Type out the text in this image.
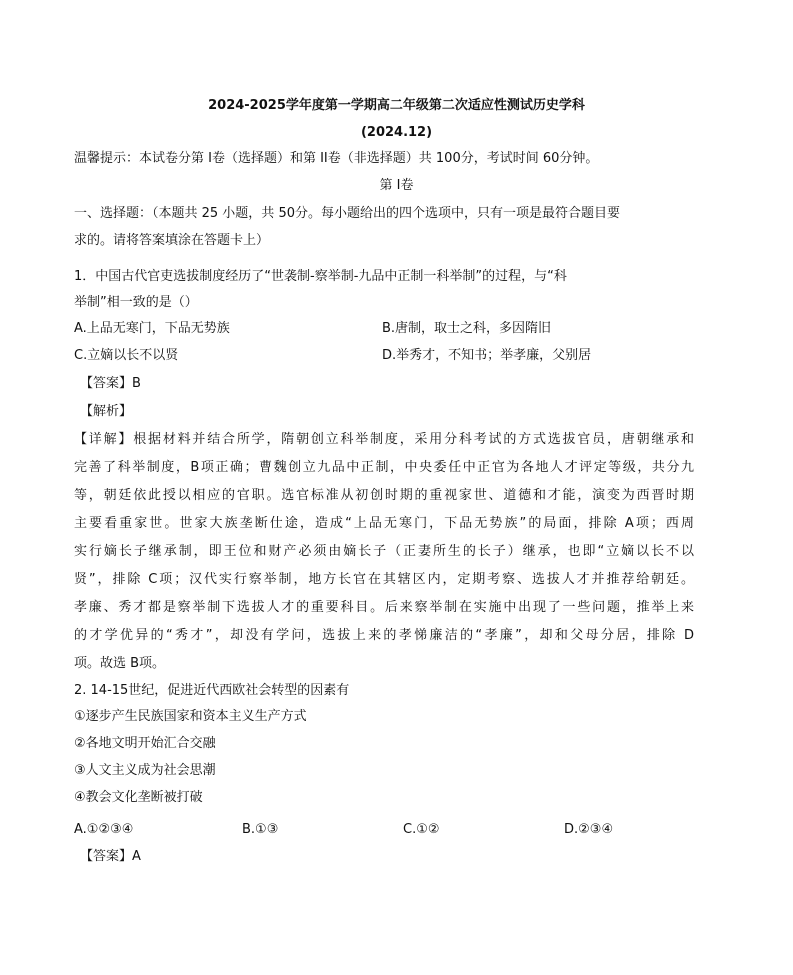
2024-2025学年度第一学期高二年级第二次适应性测试历史学科
(2024.12)
温馨提示：本试卷分第 I卷（选择题）和第 II卷（非选择题）共 100分，考试时间 60分钟。
第 I卷
一、选择题：（本题共 25 小题，共 50分。每小题给出的四个选项中，只有一项是最符合题目要
求的。请将答案填涂在答题卡上）
1．中国古代官吏选拔制度经历了“世袭制-察举制-九品中正制一科举制”的过程，与“科
举制”相一致的是（）
A.上品无寒门，下品无势族	B.唐制，取士之科，多因隋旧
C.立嫡以长不以贤	D.举秀才，不知书；举孝廉，父别居
【答案】B
【解析】
【详解】根据材料并结合所学，隋朝创立科举制度，采用分科考试的方式选拔官员，唐朝继承和
完善了科举制度，B项正确；曹魏创立九品中正制，中央委任中正官为各地人才评定等级，共分九
等，朝廷依此授以相应的官职。选官标准从初创时期的重视家世、道德和才能，演变为西晋时期
主要看重家世。世家大族垄断仕途，造成“上品无寒门，下品无势族”的局面，排除 A项；西周
实行嫡长子继承制，即王位和财产必须由嫡长子（正妻所生的长子）继承，也即“立嫡以长不以
贤”，排除 C项；汉代实行察举制，地方长官在其辖区内，定期考察、选拔人才并推荐给朝廷。
孝廉、秀才都是察举制下选拔人才的重要科目。后来察举制在实施中出现了一些问题，推举上来
的才学优异的“秀才”，却没有学问，选拔上来的孝悌廉洁的“孝廉”，却和父母分居，排除 D
项。故选 B项。
2. 14-15世纪，促进近代西欧社会转型的因素有
①逐步产生民族国家和资本主义生产方式
②各地文明开始汇合交融
③人文主义成为社会思潮
④教会文化垄断被打破
A.①②③④	B.①③	C.①②	D.②③④
【答案】A
